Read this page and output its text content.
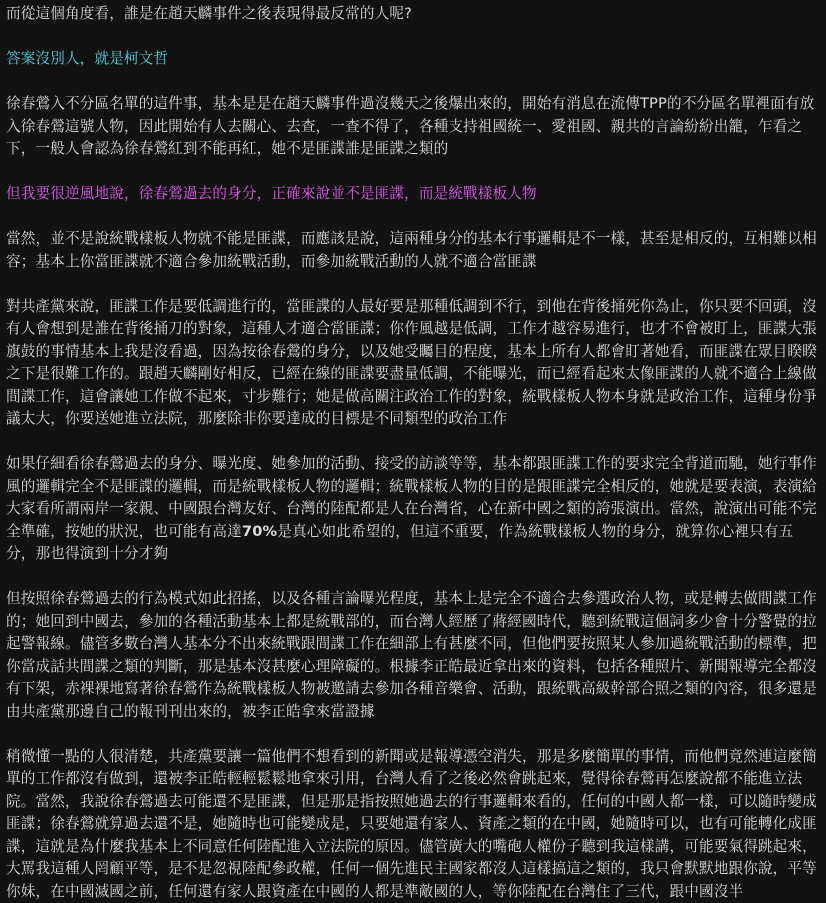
而從這個角度看，誰是在趙天麟事件之後表現得最反常的人呢?

答案沒別人，就是柯文哲

徐春鶯入不分區名單的這件事，基本是是在趙天麟事件過沒幾天之後爆出來的，開始有消息在流傳TPP的不分區名單裡面有放入徐春鶯這號人物，因此開始有人去關心、去查，一查不得了，各種支持祖國統一、愛祖國、親共的言論紛紛出籠，乍看之下，一般人會認為徐春鶯紅到不能再紅，她不是匪諜誰是匪諜之類的

但我要很逆風地說，徐春鶯過去的身分，正確來說並不是匪諜，而是統戰樣板人物

當然，並不是說統戰樣板人物就不能是匪諜，而應該是說，這兩種身分的基本行事邏輯是不一樣，甚至是相反的，互相難以相容；基本上你當匪諜就不適合參加統戰活動，而參加統戰活動的人就不適合當匪諜

對共產黨來說，匪諜工作是要低調進行的，當匪諜的人最好要是那種低調到不行，到他在背後捅死你為止，你只要不回頭，沒有人會想到是誰在背後捅刀的對象，這種人才適合當匪諜；你作風越是低調，工作才越容易進行，也才不會被盯上，匪諜大張旗鼓的事情基本上我是沒看過，因為按徐春鶯的身分，以及她受矚目的程度，基本上所有人都會盯著她看，而匪諜在眾目睽睽之下是很難工作的。跟趙天麟剛好相反，已經在線的匪諜要盡量低調，不能曝光，而已經看起來太像匪諜的人就不適合上線做間諜工作，這會讓她工作做不起來，寸步難行；她是做高關注政治工作的對象，統戰樣板人物本身就是政治工作，這種身份爭議太大，你要送她進立法院，那麼除非你要達成的目標是不同類型的政治工作

如果仔細看徐春鶯過去的身分、曝光度、她參加的活動、接受的訪談等等，基本都跟匪諜工作的要求完全背道而馳，她行事作風的邏輯完全不是匪諜的邏輯，而是統戰樣板人物的邏輯；統戰樣板人物的目的是跟匪諜完全相反的，她就是要表演，表演給大家看所謂兩岸一家親、中國跟台灣友好、台灣的陸配都是人在台灣省，心在新中國之類的誇張演出。當然，說演出可能不完全準確，按她的狀況，也可能有高達70%是真心如此希望的，但這不重要，作為統戰樣板人物的身分，就算你心裡只有五分，那也得演到十分才夠

但按照徐春鶯過去的行為模式如此招搖，以及各種言論曝光程度，基本上是完全不適合去參選政治人物，或是轉去做間諜工作的；她回到中國去，參加的各種活動基本上都是統戰部的，而台灣人經歷了蔣經國時代，聽到統戰這個詞多少會十分警覺的拉起警報線。儘管多數台灣人基本分不出來統戰跟間諜工作在細部上有甚麼不同，但他們要按照某人參加過統戰活動的標準，把你當成話共間諜之類的判斷，那是基本沒甚麼心理障礙的。根據李正皓最近拿出來的資料，包括各種照片、新聞報導完全都沒有下架，赤裸裸地寫著徐春鶯作為統戰樣板人物被邀請去參加各種音樂會、活動，跟統戰高級幹部合照之類的內容，很多還是由共產黨那邊自己的報刊刊出來的，被李正皓拿來當證據

稍微懂一點的人很清楚，共產黨要讓一篇他們不想看到的新聞或是報導憑空消失，那是多麼簡單的事情，而他們竟然連這麼簡單的工作都沒有做到，還被李正皓輕輕鬆鬆地拿來引用，台灣人看了之後必然會跳起來，覺得徐春鶯再怎麼說都不能進立法院。當然，我說徐春鶯過去可能還不是匪諜，但是那是指按照她過去的行事邏輯來看的，任何的中國人都一樣，可以隨時變成匪諜；徐春鶯就算過去還不是，她隨時也可能變成是，只要她還有家人、資產之類的在中國，她隨時可以，也有可能轉化成匪諜，這就是為什麼我基本上不同意任何陸配進入立法院的原因。儘管廣大的嘴砲人權份子聽到我這樣講，可能要氣得跳起來，大罵我這種人罔顧平等，是不是忽視陸配參政權，任何一個先進民主國家都沒人這樣搞這之類的，我只會默默地跟你說，平等你妹，在中國滅國之前，任何還有家人跟資產在中國的人都是準敵國的人，等你陸配在台灣住了三代，跟中國沒半
